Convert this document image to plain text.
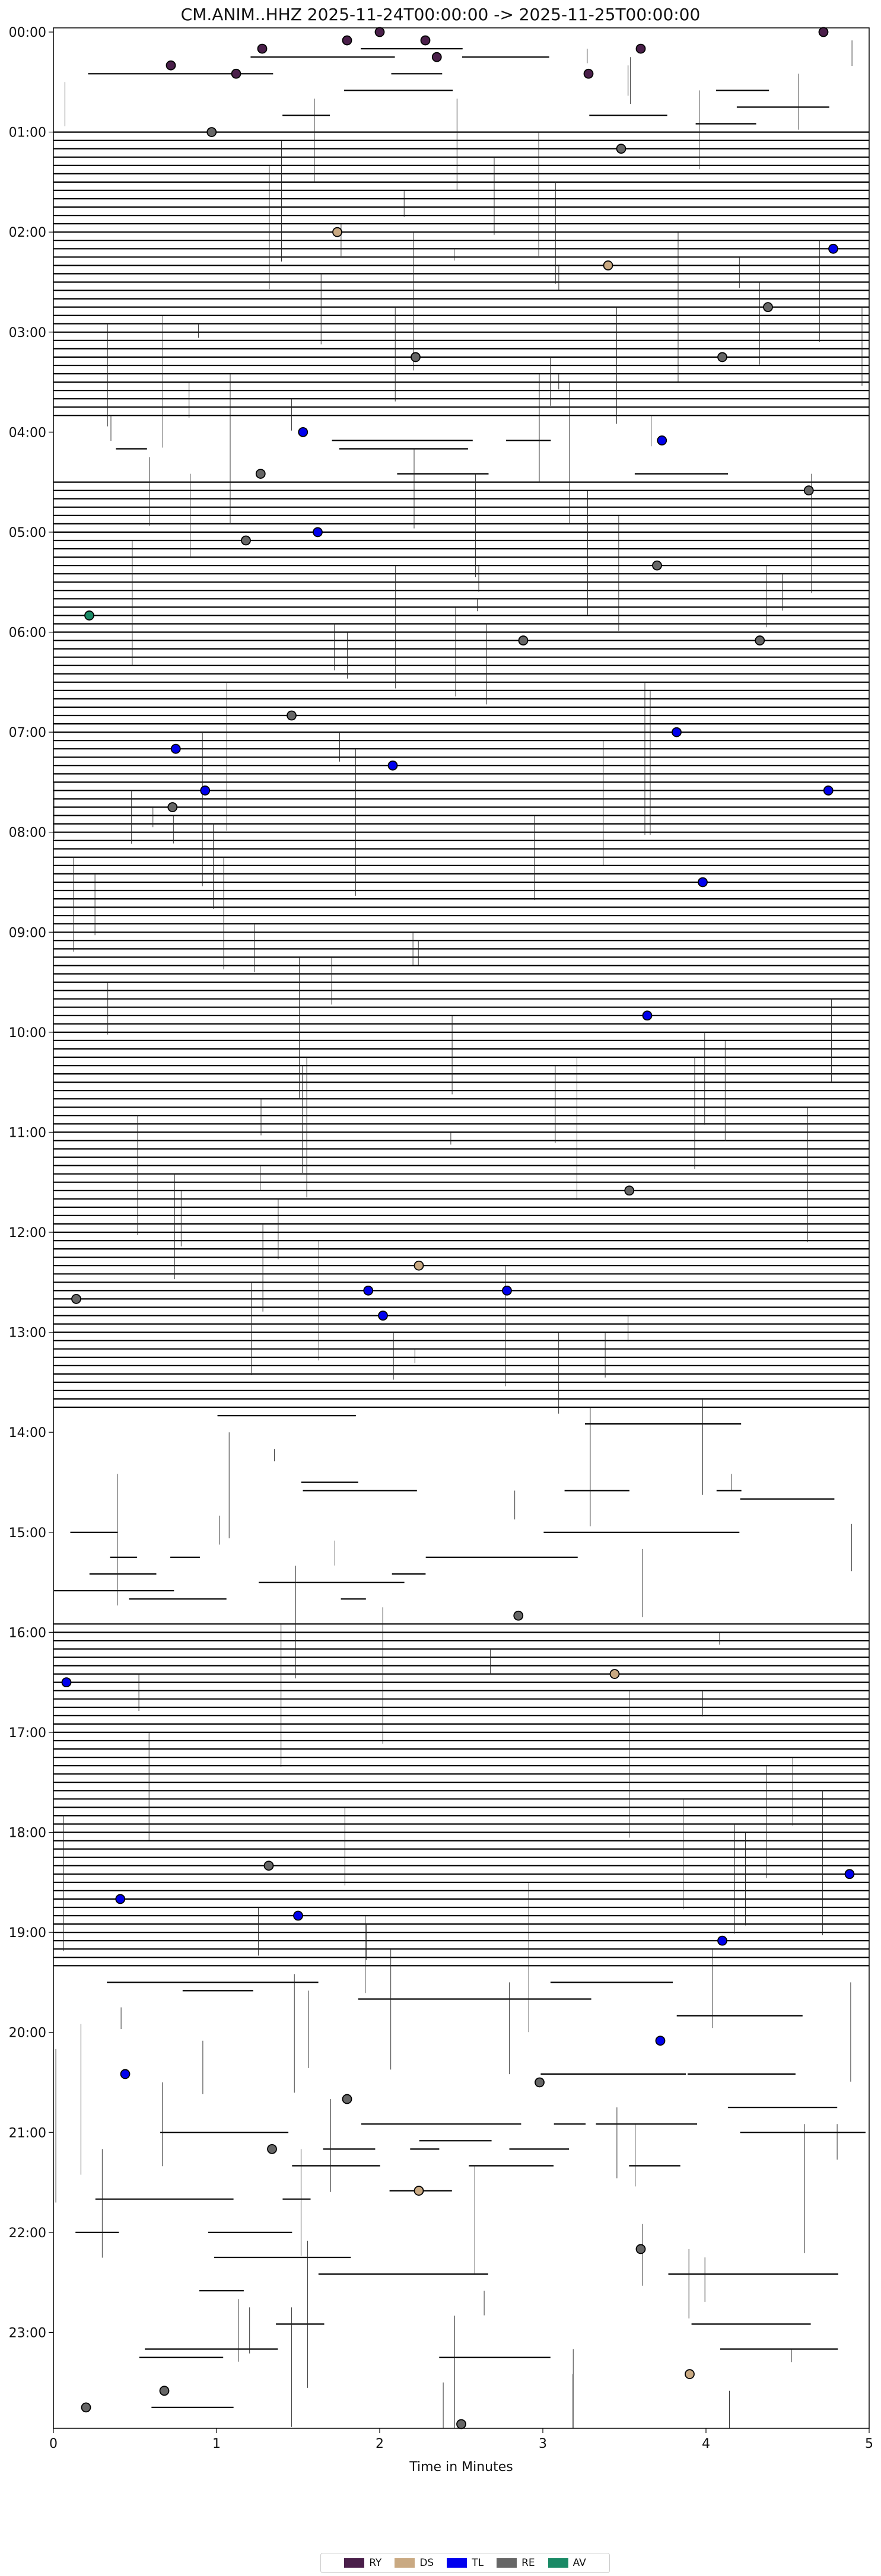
CM.ANIM..HHZ 2025-11-24T00:00:00 -> 2025-11-25T00:00:00
0	1	2	3	4	5
Time in Minutes
00:00
01:00
02:00
03:00
04:00
05:00
06:00
07:00
08:00
09:00
10:00
11:00
12:00
13:00
14:00
15:00
16:00
17:00
18:00
19:00
20:00
21:00
22:00
23:00
RY	DS	TL	RE	AV
